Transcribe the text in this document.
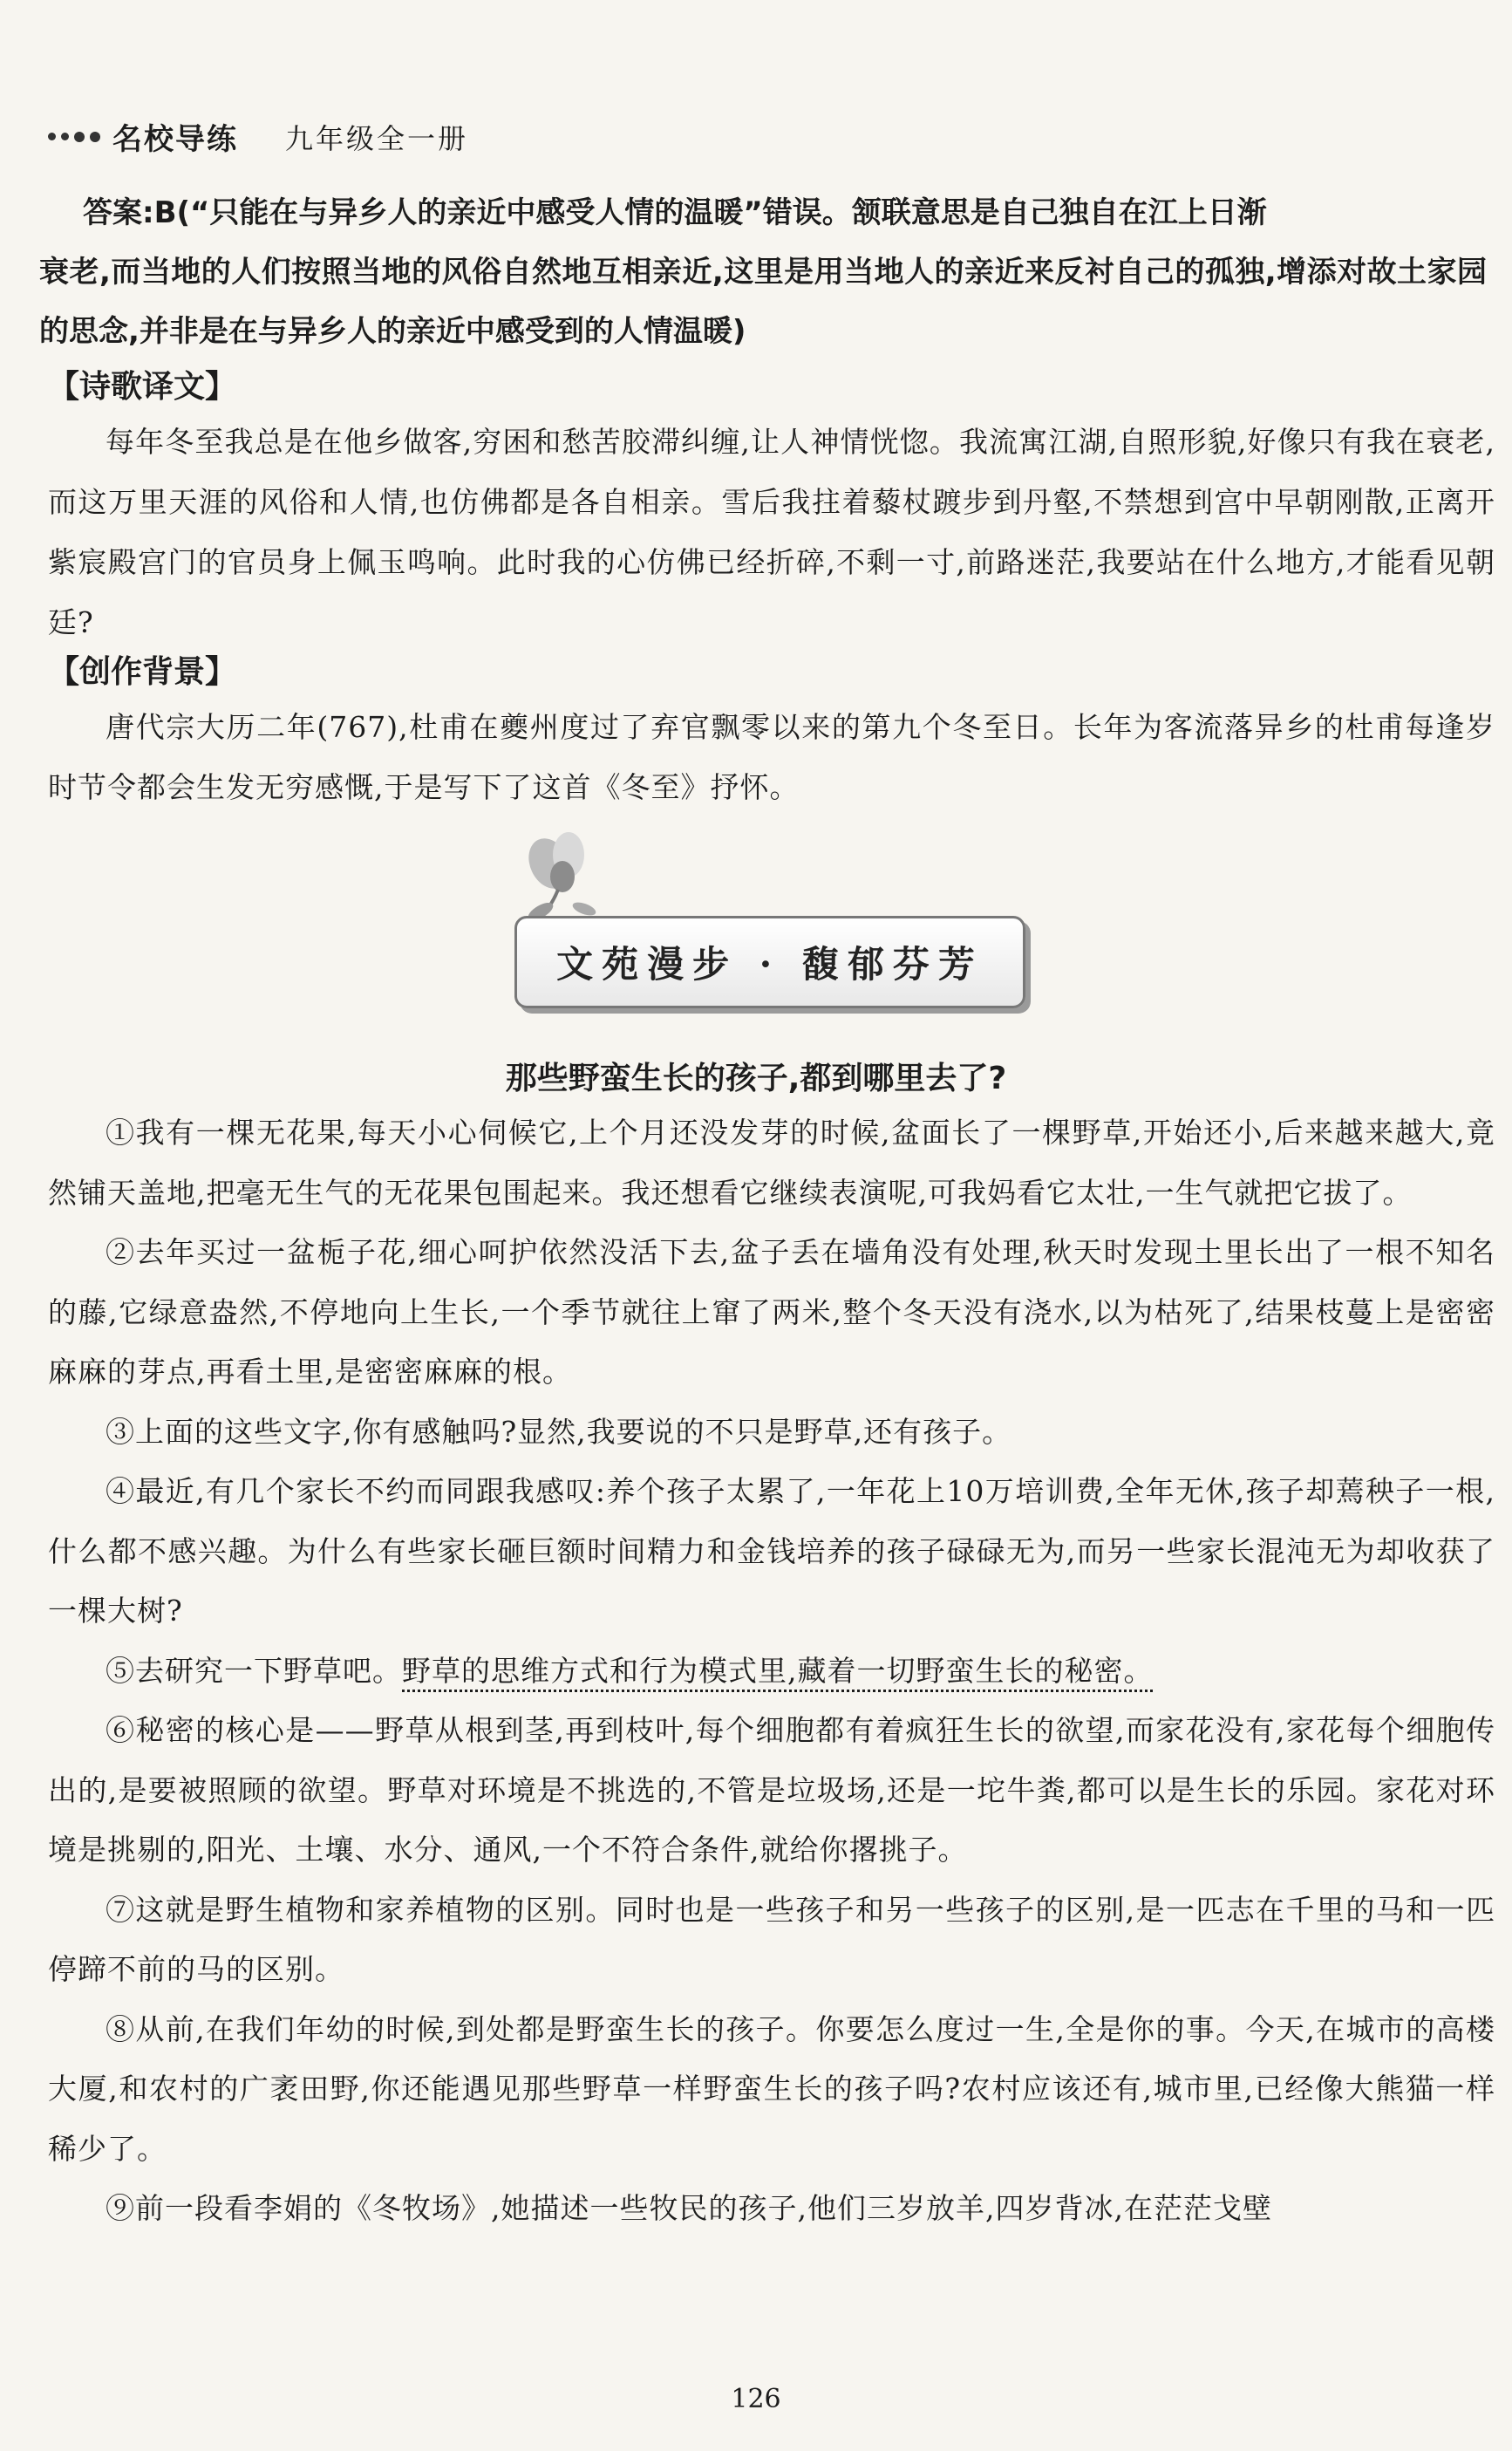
名校导练 九年级全一册
答案:B(“只能在与异乡人的亲近中感受人情的温暖”错误。颔联意思是自己独自在江上日渐
衰老,而当地的人们按照当地的风俗自然地互相亲近,这里是用当地人的亲近来反衬自己的孤独,增添对故土家园的思念,并非是在与异乡人的亲近中感受到的人情温暖)
【诗歌译文】
每年冬至我总是在他乡做客,穷困和愁苦胶滞纠缠,让人神情恍惚。我流寓江湖,自照形貌,好像只有我在衰老,而这万里天涯的风俗和人情,也仿佛都是各自相亲。雪后我拄着藜杖踱步到丹壑,不禁想到宫中早朝刚散,正离开紫宸殿宫门的官员身上佩玉鸣响。此时我的心仿佛已经折碎,不剩一寸,前路迷茫,我要站在什么地方,才能看见朝廷?
【创作背景】
唐代宗大历二年(767),杜甫在夔州度过了弃官飘零以来的第九个冬至日。长年为客流落异乡的杜甫每逢岁时节令都会生发无穷感慨,于是写下了这首《冬至》抒怀。
文苑漫步 · 馥郁芬芳
那些野蛮生长的孩子,都到哪里去了?
①我有一棵无花果,每天小心伺候它,上个月还没发芽的时候,盆面长了一棵野草,开始还小,后来越来越大,竟然铺天盖地,把毫无生气的无花果包围起来。我还想看它继续表演呢,可我妈看它太壮,一生气就把它拔了。
②去年买过一盆栀子花,细心呵护依然没活下去,盆子丢在墙角没有处理,秋天时发现土里长出了一根不知名的藤,它绿意盎然,不停地向上生长,一个季节就往上窜了两米,整个冬天没有浇水,以为枯死了,结果枝蔓上是密密麻麻的芽点,再看土里,是密密麻麻的根。
③上面的这些文字,你有感触吗?显然,我要说的不只是野草,还有孩子。
④最近,有几个家长不约而同跟我感叹:养个孩子太累了,一年花上10万培训费,全年无休,孩子却蔫秧子一根,什么都不感兴趣。为什么有些家长砸巨额时间精力和金钱培养的孩子碌碌无为,而另一些家长混沌无为却收获了一棵大树?
⑤去研究一下野草吧。野草的思维方式和行为模式里,藏着一切野蛮生长的秘密。
⑥秘密的核心是——野草从根到茎,再到枝叶,每个细胞都有着疯狂生长的欲望,而家花没有,家花每个细胞传出的,是要被照顾的欲望。野草对环境是不挑选的,不管是垃圾场,还是一坨牛粪,都可以是生长的乐园。家花对环境是挑剔的,阳光、土壤、水分、通风,一个不符合条件,就给你撂挑子。
⑦这就是野生植物和家养植物的区别。同时也是一些孩子和另一些孩子的区别,是一匹志在千里的马和一匹停蹄不前的马的区别。
⑧从前,在我们年幼的时候,到处都是野蛮生长的孩子。你要怎么度过一生,全是你的事。今天,在城市的高楼大厦,和农村的广袤田野,你还能遇见那些野草一样野蛮生长的孩子吗?农村应该还有,城市里,已经像大熊猫一样稀少了。
⑨前一段看李娟的《冬牧场》,她描述一些牧民的孩子,他们三岁放羊,四岁背冰,在茫茫戈壁
126
